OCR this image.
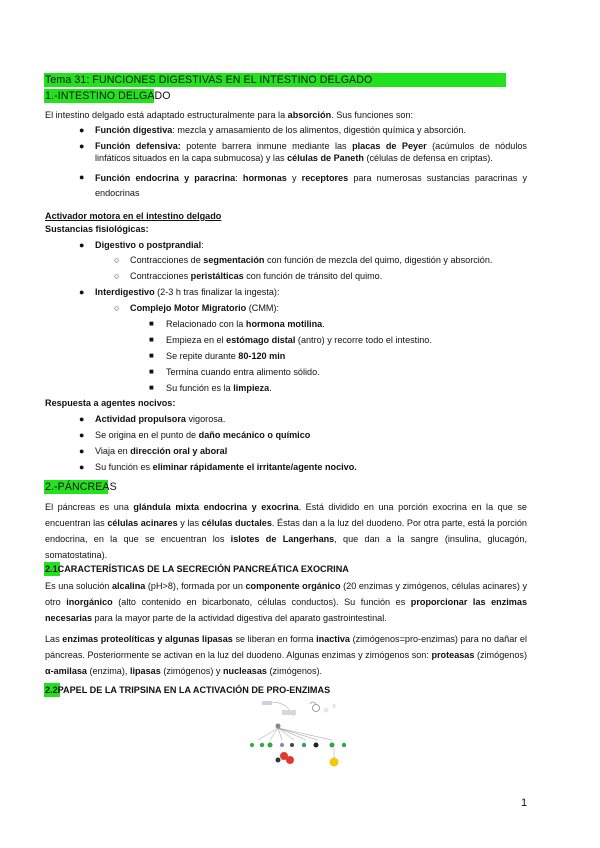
Tema 31: FUNCIONES DIGESTIVAS EN EL INTESTINO DELGADO
1.-INTESTINO DELGADO
El intestino delgado está adaptado estructuralmente para la absorción. Sus funciones son:
● Función digestiva: mezcla y amasamiento de los alimentos, digestión química y absorción.
● Función defensiva: potente barrera inmune mediante las placas de Peyer (acúmulos de nódulos linfáticos situados en la capa submucosa) y las células de Paneth (células de defensa en criptas).
● Función endocrina y paracrina: hormonas y receptores para numerosas sustancias paracrinas y endocrinas
Activador motora en el intestino delgado
Sustancias fisiológicas:
● Digestivo o postprandial:
○ Contracciones de segmentación con función de mezcla del quimo, digestión y absorción.
○ Contracciones peristálticas con función de tránsito del quimo.
● Interdigestivo (2-3 h tras finalizar la ingesta):
○ Complejo Motor Migratorio (CMM):
■ Relacionado con la hormona motilina.
■ Empieza en el estómago distal (antro) y recorre todo el intestino.
■ Se repite durante 80-120 min
■ Termina cuando entra alimento sólido.
■ Su función es la limpieza.
Respuesta a agentes nocivos:
● Actividad propulsora vigorosa.
● Se origina en el punto de daño mecánico o químico
● Viaja en dirección oral y aboral
● Su función es eliminar rápidamente el irritante/agente nocivo.
2.-PÁNCREAS
El páncreas es una glándula mixta endocrina y exocrina. Está dividido en una porción exocrina en la que se encuentran las células acinares y las células ductales. Éstas dan a la luz del duodeno. Por otra parte, está la porción endocrina, en la que se encuentran los islotes de Langerhans, que dan a la sangre (insulina, glucagón, somatostatina).
2.1CARACTERÍSTICAS DE LA SECRECIÓN PANCREÁTICA EXOCRINA
Es una solución alcalina (pH>8), formada por un componente orgánico (20 enzimas y zimógenos, células acinares) y otro inorgánico (alto contenido en bicarbonato, células conductos). Su función es proporcionar las enzimas necesarias para la mayor parte de la actividad digestiva del aparato gastrointestinal.
Las enzimas proteolíticas y algunas lipasas se liberan en forma inactiva (zimógenos=pro-enzimas) para no dañar el páncreas. Posteriormente se activan en la luz del duodeno. Algunas enzimas y zimógenos son: proteasas (zimógenos) α-amilasa (enzima), lipasas (zimógenos) y nucleasas (zimógenos).
2.2PAPEL DE LA TRIPSINA EN LA ACTIVACIÓN DE PRO-ENZIMAS
1
